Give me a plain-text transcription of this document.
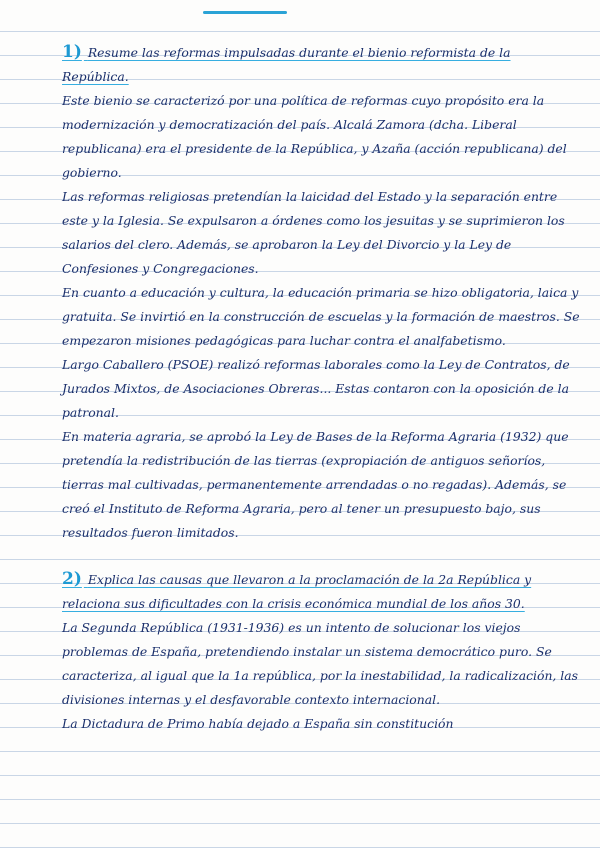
1) Resume las reformas impulsadas durante el bienio reformista de la República.

Este bienio se caracterizó por una política de reformas cuyo propósito era la modernización y democratización del país. Alcalá Zamora (dcha. Liberal republicana) era el presidente de la República, y Azaña (acción republicana) del gobierno.

Las reformas religiosas pretendían la laicidad del Estado y la separación entre este y la Iglesia. Se expulsaron a órdenes como los jesuitas y se suprimieron los salarios del clero. Además, se aprobaron la Ley del Divorcio y la Ley de Confesiones y Congregaciones.

En cuanto a educación y cultura, la educación primaria se hizo obligatoria, laica y gratuita. Se invirtió en la construcción de escuelas y la formación de maestros. Se empezaron misiones pedagógicas para luchar contra el analfabetismo.

Largo Caballero (PSOE) realizó reformas laborales como la Ley de Contratos, de Jurados Mixtos, de Asociaciones Obreras... Estas contaron con la oposición de la patronal.

En materia agraria, se aprobó la Ley de Bases de la Reforma Agraria (1932) que pretendía la redistribución de las tierras (expropiación de antiguos señoríos, tierras mal cultivadas, permanentemente arrendadas o no regadas). Además, se creó el Instituto de Reforma Agraria, pero al tener un presupuesto bajo, sus resultados fueron limitados.

2) Explica las causas que llevaron a la proclamación de la 2a República y relaciona sus dificultades con la crisis económica mundial de los años 30.

La Segunda República (1931-1936) es un intento de solucionar los viejos problemas de España, pretendiendo instalar un sistema democrático puro. Se caracteriza, al igual que la 1a república, por la inestabilidad, la radicalización, las divisiones internas y el desfavorable contexto internacional.

La Dictadura de Primo había dejado a España sin constitución
